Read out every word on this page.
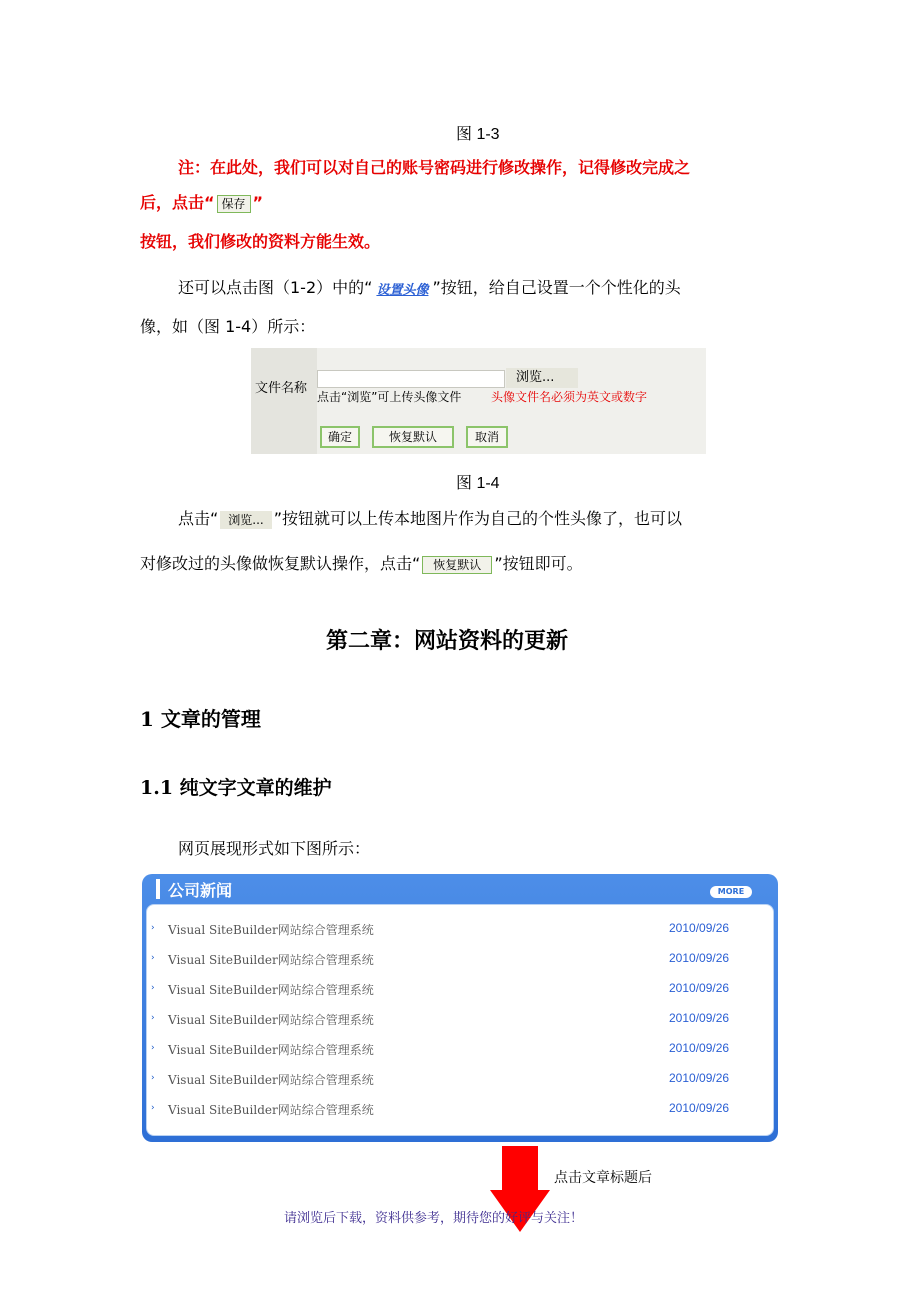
图 1-3
注：在此处，我们可以对自己的账号密码进行修改操作，记得修改完成之
后，点击“ 保存 ”
按钮，我们修改的资料方能生效。
还可以点击图（1-2）中的“ 设置头像 ”按钮，给自己设置一个个性化的头
像，如（图 1-4）所示：
文件名称
浏览...
点击“浏览”可上传头像文件 头像文件名必须为英文或数字
确定	恢复默认	取消
图 1-4
点击“ 浏览... ”按钮就可以上传本地图片作为自己的个性头像了，也可以
对修改过的头像做恢复默认操作，点击“ 恢复默认 ”按钮即可。
第二章：网站资料的更新
1 文章的管理
1.1 纯文字文章的维护
网页展现形式如下图所示：
公司新闻	MORE
› Visual SiteBuilder网站综合管理系统	2010/09/26
› Visual SiteBuilder网站综合管理系统	2010/09/26
› Visual SiteBuilder网站综合管理系统	2010/09/26
› Visual SiteBuilder网站综合管理系统	2010/09/26
› Visual SiteBuilder网站综合管理系统	2010/09/26
› Visual SiteBuilder网站综合管理系统	2010/09/26
› Visual SiteBuilder网站综合管理系统	2010/09/26
点击文章标题后
请浏览后下载，资料供参考，期待您的好评与关注！
